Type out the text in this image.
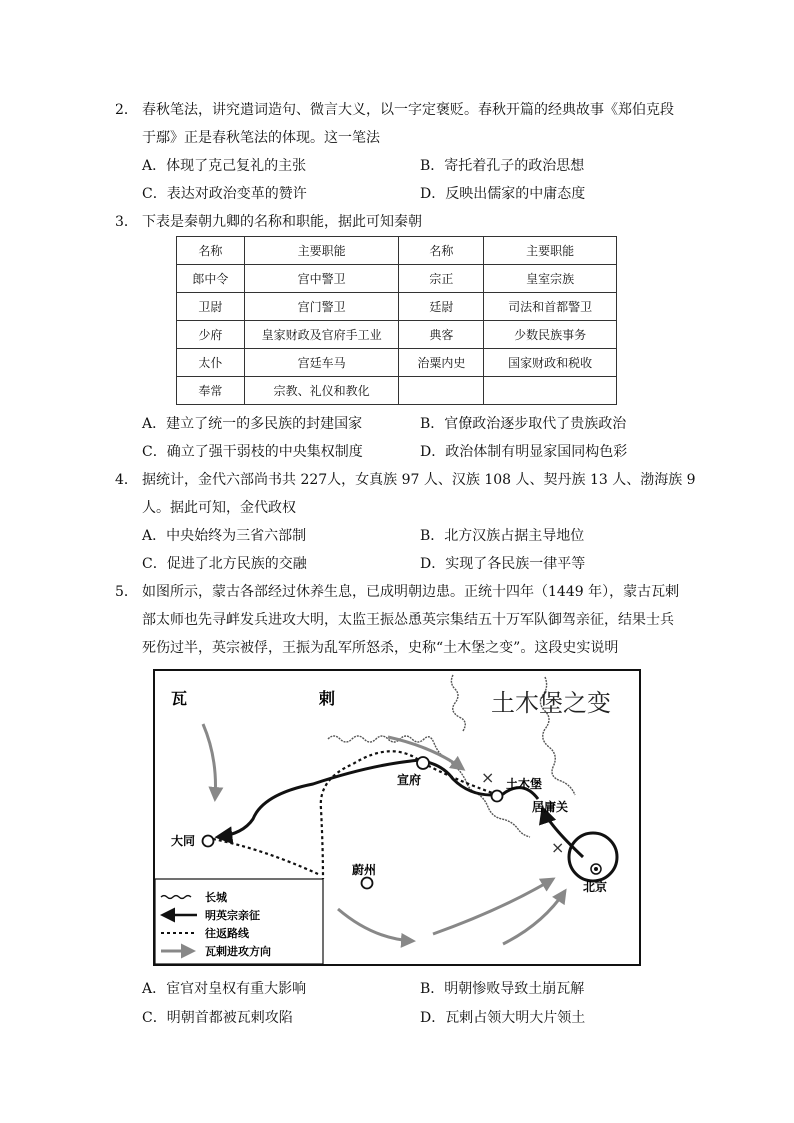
2． 春秋笔法，讲究遣词造句、微言大义，以一字定褒贬。春秋开篇的经典故事《郑伯克段
于鄢》正是春秋笔法的体现。这一笔法
A．体现了克己复礼的主张	B．寄托着孔子的政治思想
C．表达对政治变革的赞许	D．反映出儒家的中庸态度
3． 下表是秦朝九卿的名称和职能，据此可知秦朝
名称	主要职能	名称	主要职能
郎中令	宫中警卫	宗正	皇室宗族
卫尉	宫门警卫	廷尉	司法和首都警卫
少府	皇家财政及官府手工业	典客	少数民族事务
太仆	宫廷车马	治粟内史	国家财政和税收
奉常	宗教、礼仪和教化		
A．建立了统一的多民族的封建国家	B．官僚政治逐步取代了贵族政治
C．确立了强干弱枝的中央集权制度	D．政治体制有明显家国同构色彩
4． 据统计，金代六部尚书共 227人，女真族 97 人、汉族 108 人、契丹族 13 人、渤海族 9
人。据此可知，金代政权
A．中央始终为三省六部制	B．北方汉族占据主导地位
C．促进了北方民族的交融	D．实现了各民族一律平等
5． 如图所示，蒙古各部经过休养生息，已成明朝边患。正统十四年（1449 年），蒙古瓦剌
部太师也先寻衅发兵进攻大明，太监王振怂恿英宗集结五十万军队御驾亲征，结果士兵
死伤过半，英宗被俘，王振为乱军所怒杀，史称“土木堡之变”。这段史实说明
土木堡之变
瓦	剌
×
×
宣府	土木堡
居庸关
大同
蔚州
北京
长城
明英宗亲征
往返路线
瓦剌进攻方向
A．宦官对皇权有重大影响	B．明朝惨败导致土崩瓦解
C．明朝首都被瓦剌攻陷	D．瓦剌占领大明大片领土
